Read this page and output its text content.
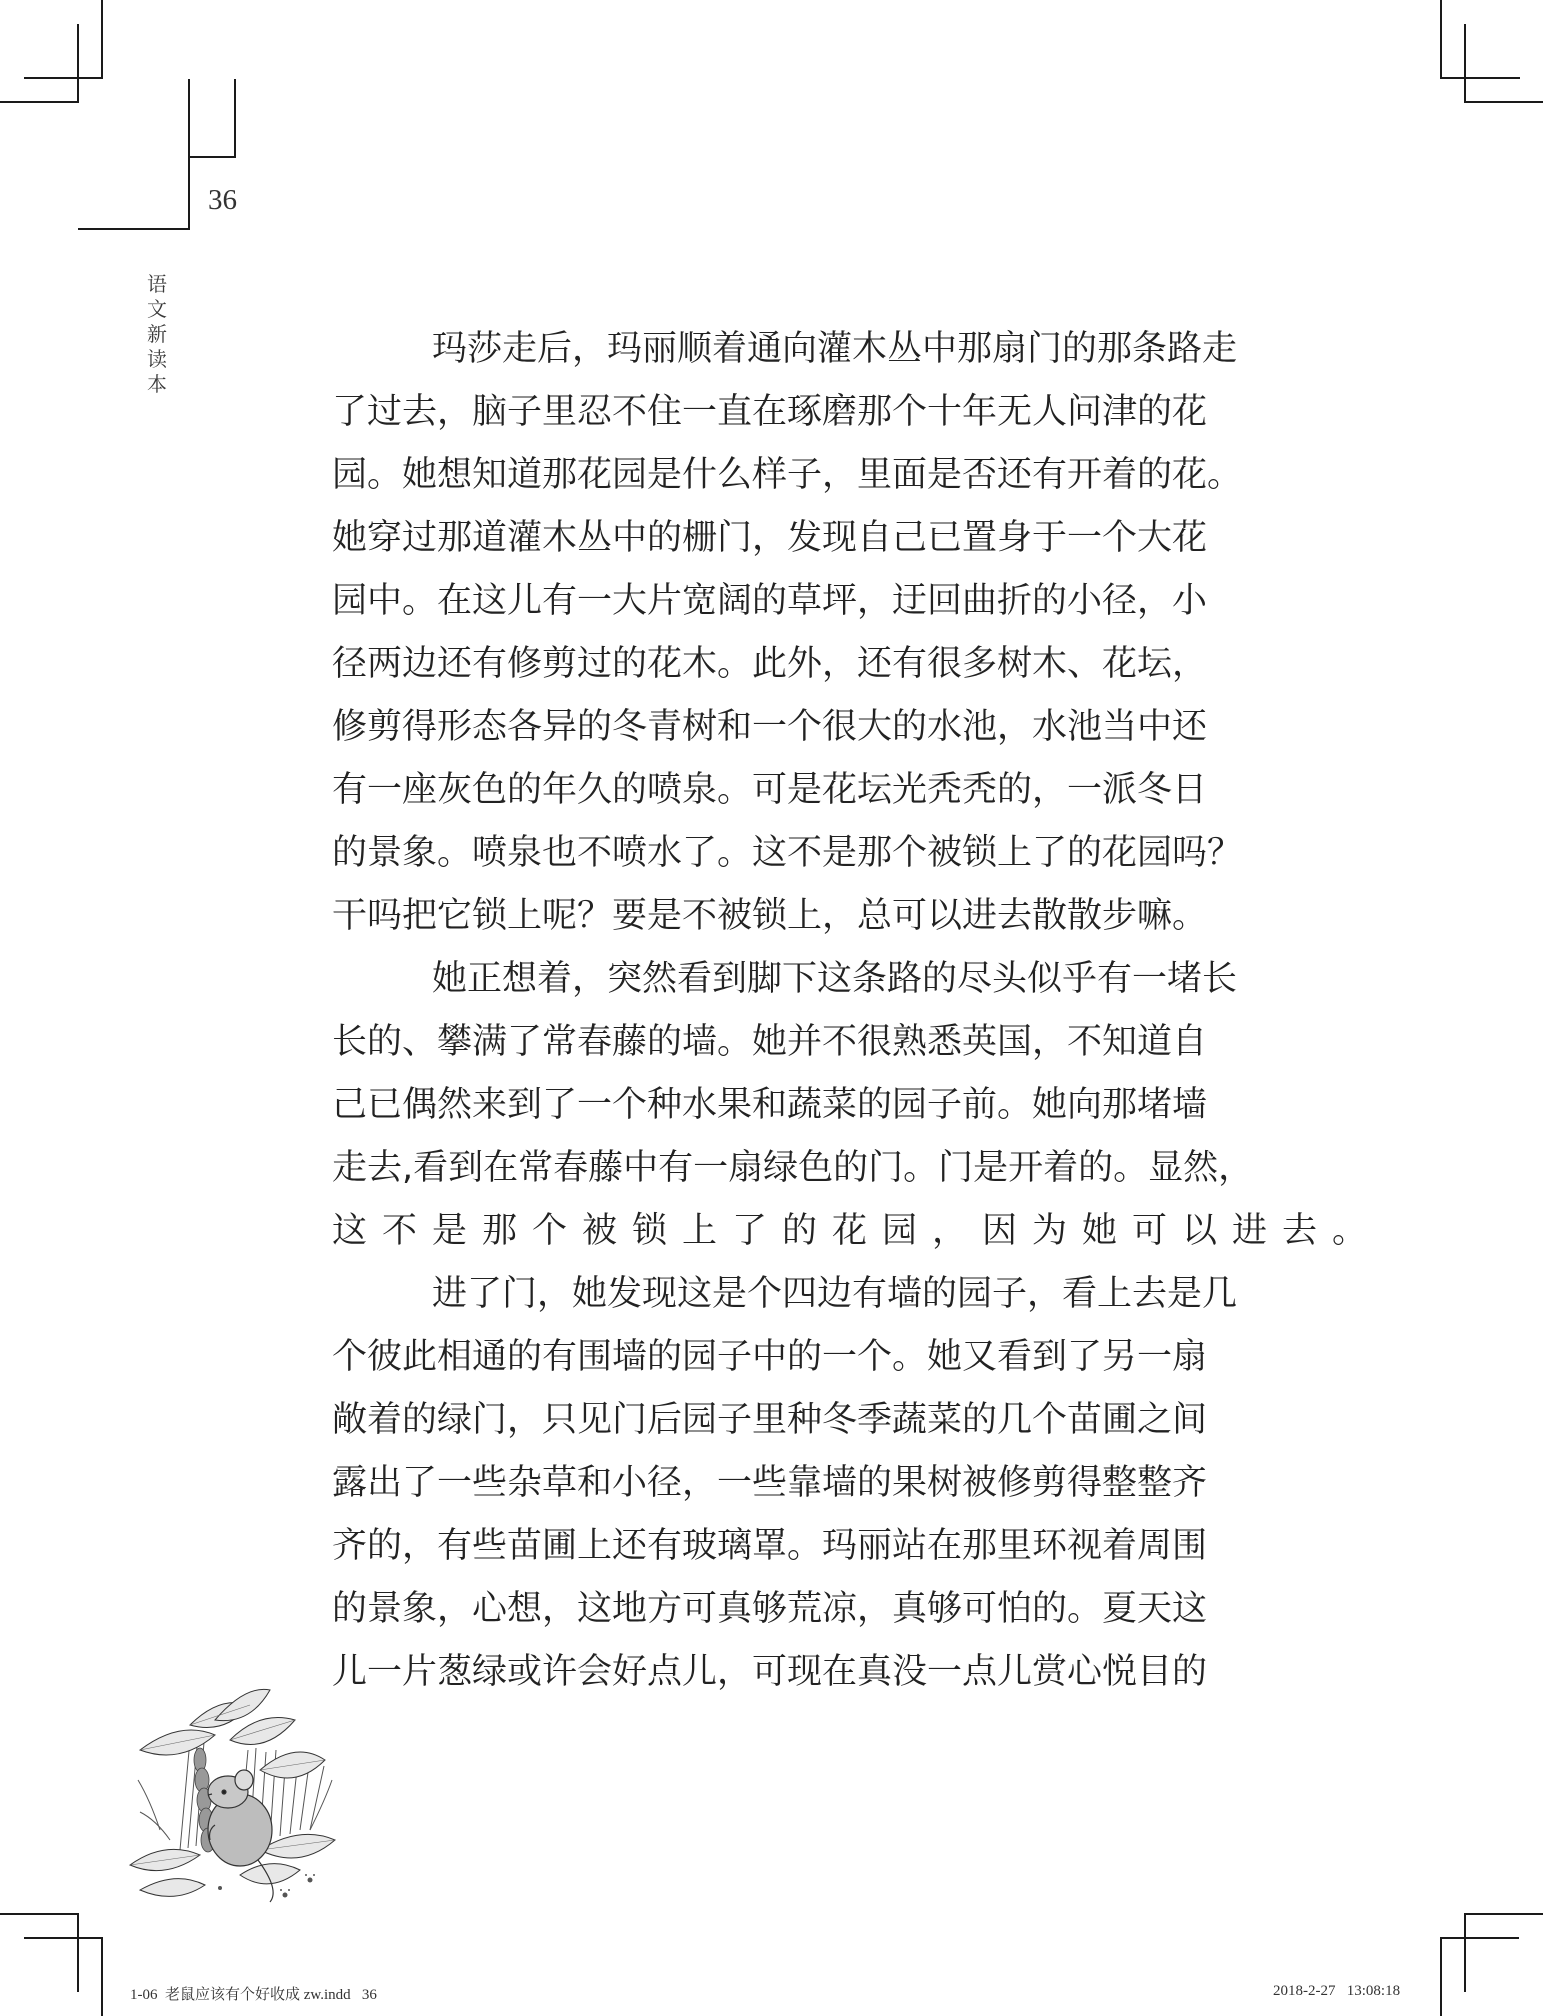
36
语
文
新
读
本
玛莎走后，玛丽顺着通向灌木丛中那扇门的那条路走
了过去，脑子里忍不住一直在琢磨那个十年无人问津的花
园。她想知道那花园是什么样子，里面是否还有开着的花。
她穿过那道灌木丛中的栅门，发现自己已置身于一个大花
园中。在这儿有一大片宽阔的草坪，迂回曲折的小径，小
径两边还有修剪过的花木。此外，还有很多树木、花坛，
修剪得形态各异的冬青树和一个很大的水池，水池当中还
有一座灰色的年久的喷泉。可是花坛光秃秃的，一派冬日
的景象。喷泉也不喷水了。这不是那个被锁上了的花园吗？
干吗把它锁上呢？要是不被锁上，总可以进去散散步嘛。
她正想着，突然看到脚下这条路的尽头似乎有一堵长
长的、攀满了常春藤的墙。她并不很熟悉英国，不知道自
己已偶然来到了一个种水果和蔬菜的园子前。她向那堵墙
走去,看到在常春藤中有一扇绿色的门。门是开着的。显然，
这不是那个被锁上了的花园，因为她可以进去。
进了门，她发现这是个四边有墙的园子，看上去是几
个彼此相通的有围墙的园子中的一个。她又看到了另一扇
敞着的绿门，只见门后园子里种冬季蔬菜的几个苗圃之间
露出了一些杂草和小径，一些靠墙的果树被修剪得整整齐
齐的，有些苗圃上还有玻璃罩。玛丽站在那里环视着周围
的景象，心想，这地方可真够荒凉，真够可怕的。夏天这
儿一片葱绿或许会好点儿，可现在真没一点儿赏心悦目的
1-06  老鼠应该有个好收成 zw.indd   36	2018-2-27   13:08:18
